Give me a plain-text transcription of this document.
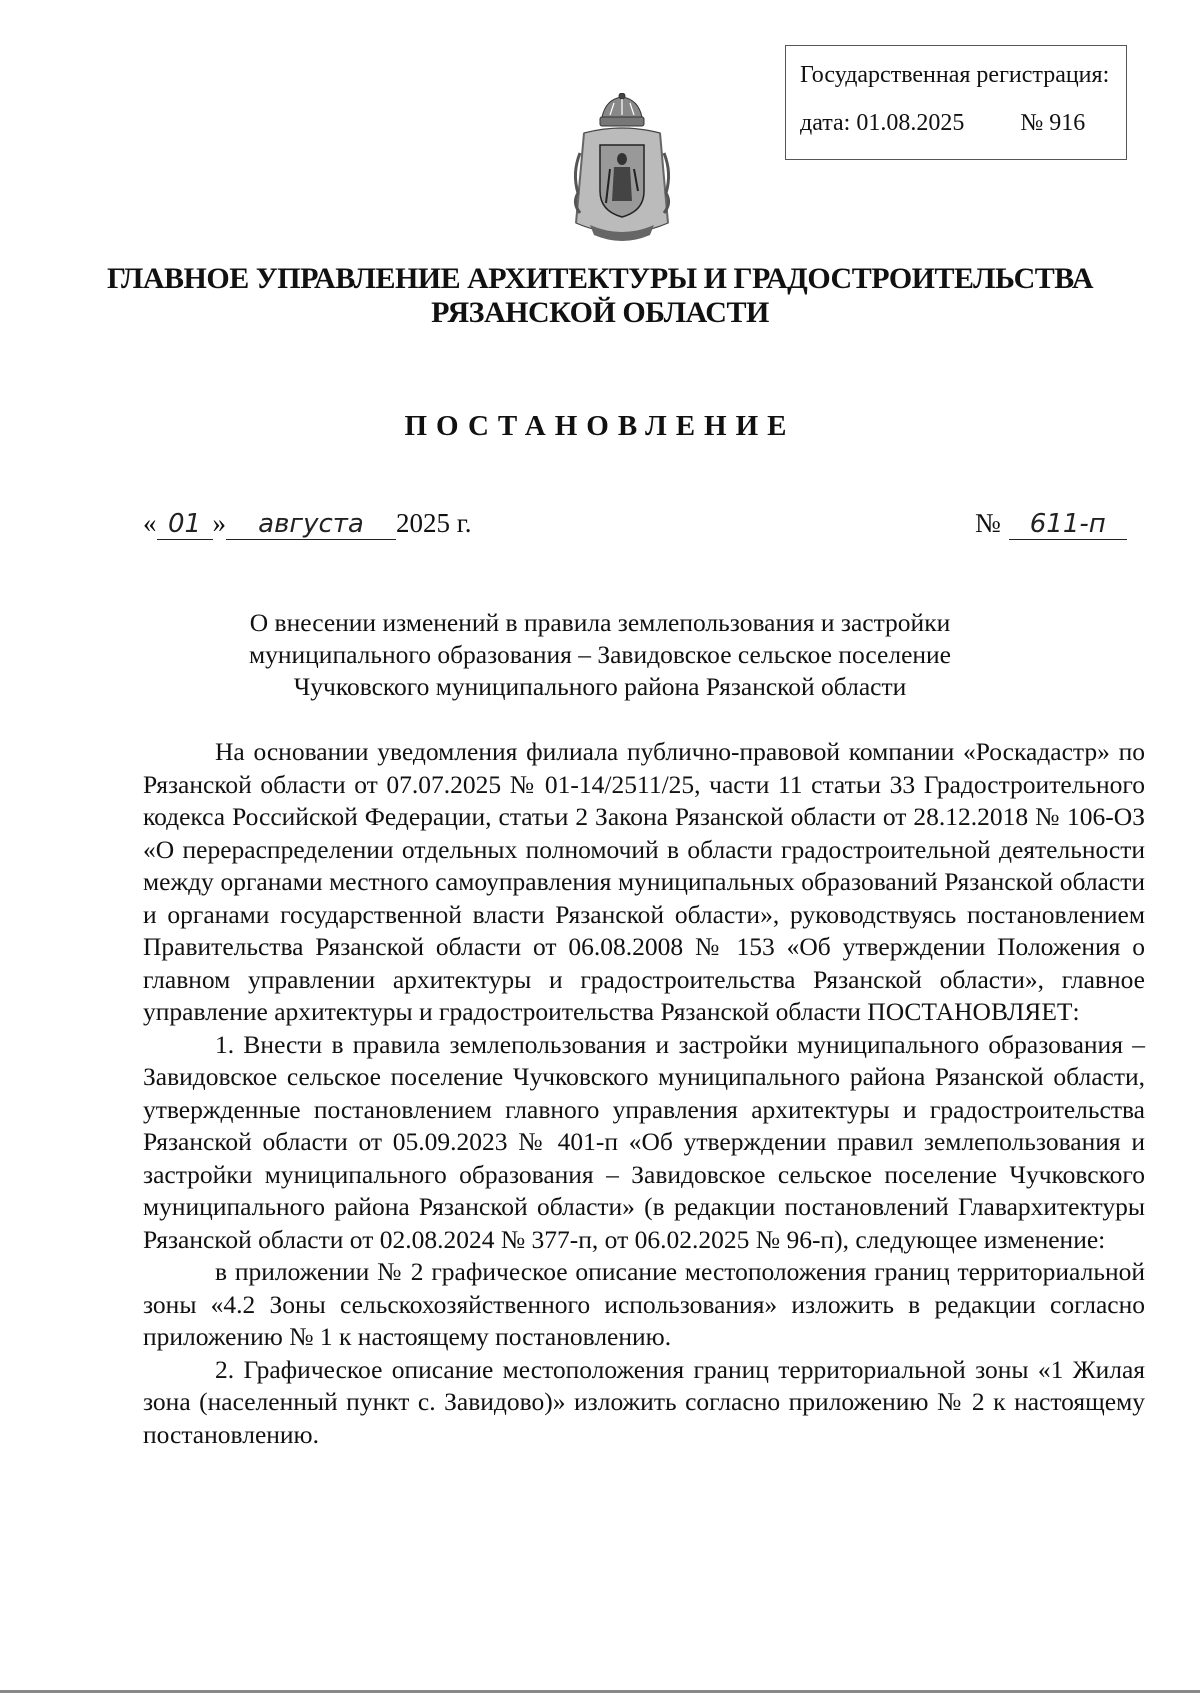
Государственная регистрация:
дата: 01.08.2025 № 916
ГЛАВНОЕ УПРАВЛЕНИЕ АРХИТЕКТУРЫ И ГРАДОСТРОИТЕЛЬСТВА
РЯЗАНСКОЙ ОБЛАСТИ
ПОСТАНОВЛЕНИЕ
« 01 »	августа	2025 г.	№	611-п
О внесении изменений в правила землепользования и застройки
муниципального образования – Завидовское сельское поселение
Чучковского муниципального района Рязанской области

На основании уведомления филиала публично-правовой компании «Роскадастр» по Рязанской области от 07.07.2025 № 01-14/2511/25, части 11 статьи 33 Градостроительного кодекса Российской Федерации, статьи 2 Закона Рязанской области от 28.12.2018 № 106-ОЗ «О перераспределении отдельных полномочий в области градостроительной деятельности между органами местного самоуправления муниципальных образований Рязанской области и органами государственной власти Рязанской области», руководствуясь постановлением Правительства Рязанской области от 06.08.2008 № 153 «Об утверждении Положения о главном управлении архитектуры и градостроительства Рязанской области», главное управление архитектуры и градостроительства Рязанской области ПОСТАНОВЛЯЕТ:

1. Внести в правила землепользования и застройки муниципального образования – Завидовское сельское поселение Чучковского муниципального района Рязанской области, утвержденные постановлением главного управления архитектуры и градостроительства Рязанской области от 05.09.2023 № 401-п «Об утверждении правил землепользования и застройки муниципального образования – Завидовское сельское поселение Чучковского муниципального района Рязанской области» (в редакции постановлений Главархитектуры Рязанской области от 02.08.2024 № 377-п, от 06.02.2025 № 96-п), следующее изменение:

в приложении № 2 графическое описание местоположения границ территориальной зоны «4.2 Зоны сельскохозяйственного использования» изложить в редакции согласно приложению № 1 к настоящему постановлению.

2. Графическое описание местоположения границ территориальной зоны «1 Жилая зона (населенный пункт с. Завидово)» изложить согласно приложению № 2 к настоящему постановлению.
